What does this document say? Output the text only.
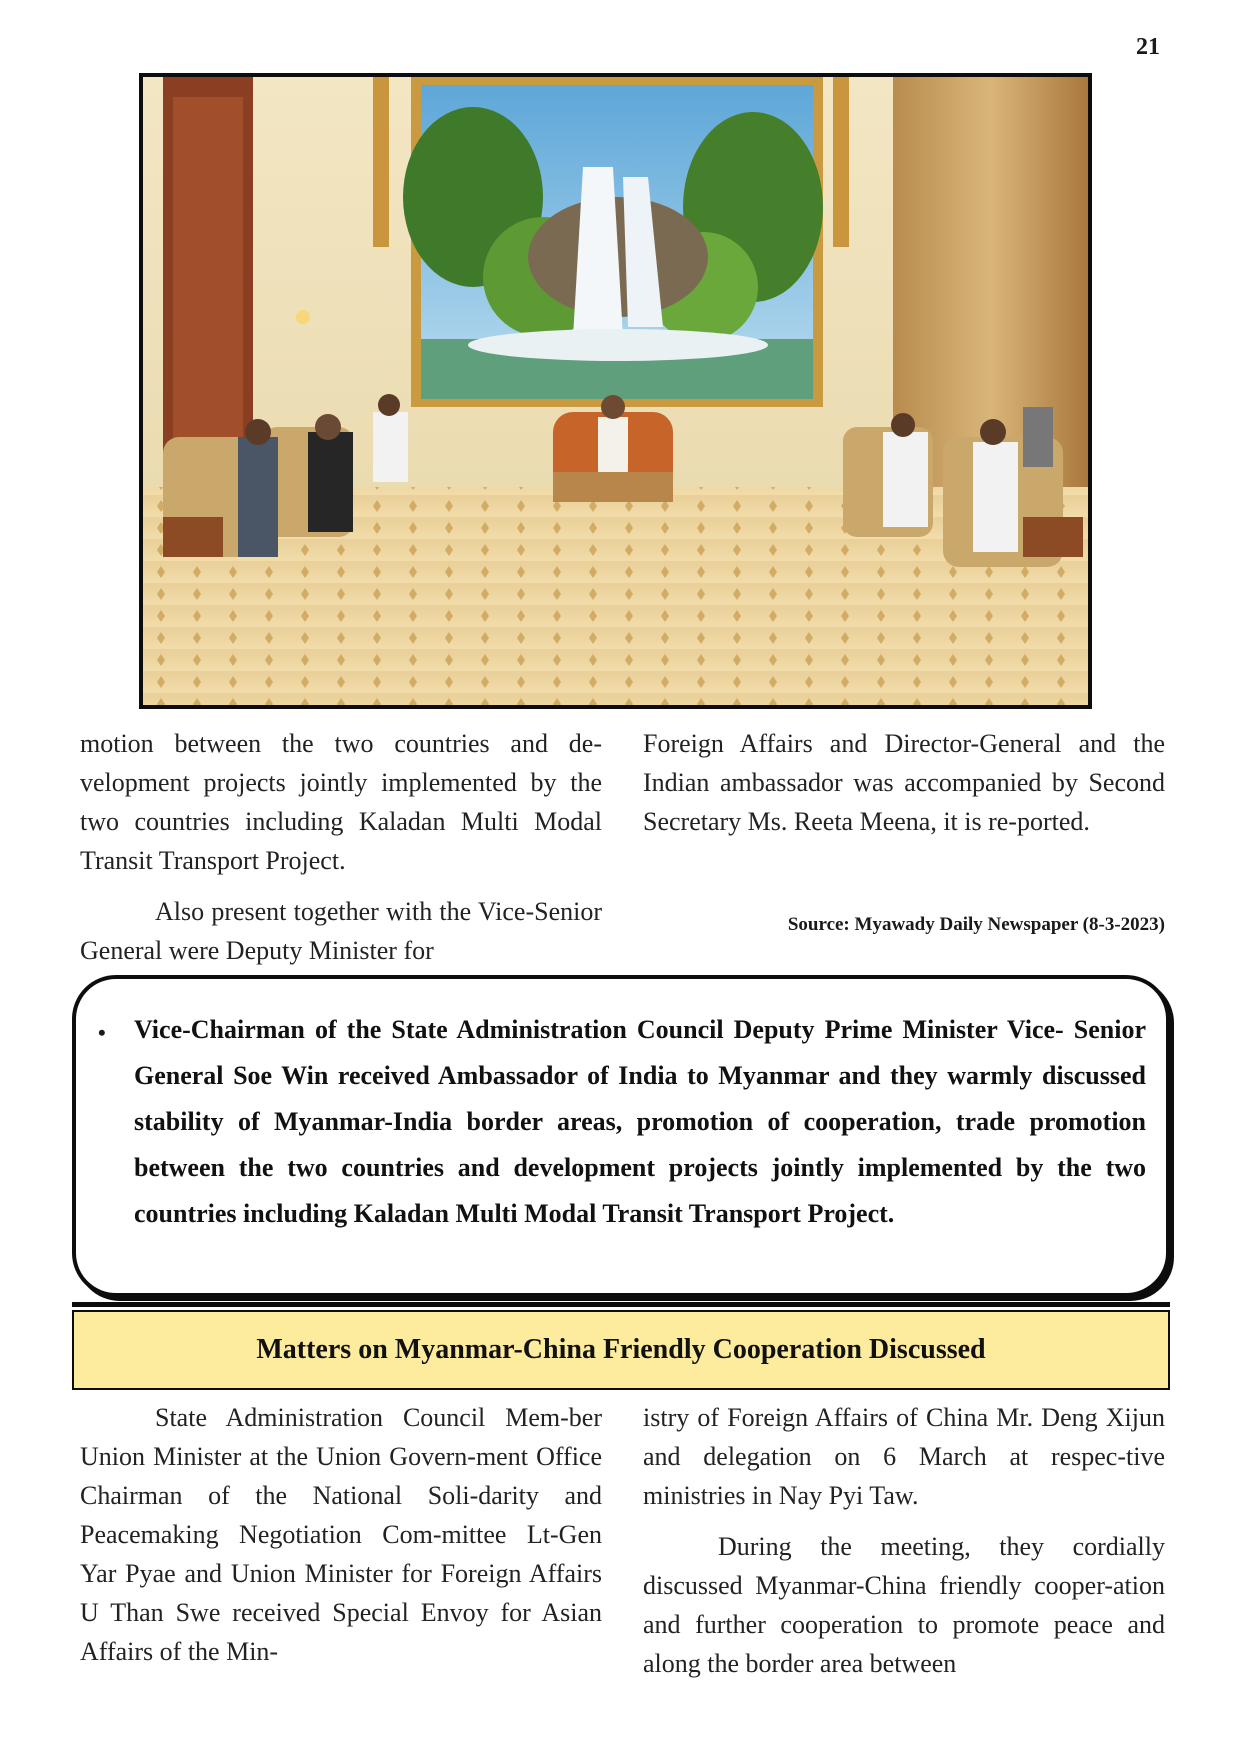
21

motion between the two countries and de-velopment projects jointly implemented by the two countries including Kaladan Multi Modal Transit Transport Project.

Also present together with the Vice-Senior General were Deputy Minister for

Foreign Affairs and Director-General and the Indian ambassador was accompanied by Second Secretary Ms. Reeta Meena, it is re-ported.

Source: Myawady Daily Newspaper (8-3-2023)
• Vice-Chairman of the State Administration Council Deputy Prime Minister Vice- Senior General Soe Win received Ambassador of India to Myanmar and they warmly discussed stability of Myanmar-India border areas, promotion of cooperation, trade promotion between the two countries and development projects jointly implemented by the two countries including Kaladan Multi Modal Transit Transport Project.
Matters on Myanmar-China Friendly Cooperation Discussed

State Administration Council Mem-ber Union Minister at the Union Govern-ment Office Chairman of the National Soli-darity and Peacemaking Negotiation Com-mittee Lt-Gen Yar Pyae and Union Minister for Foreign Affairs U Than Swe received Special Envoy for Asian Affairs of the Min-

istry of Foreign Affairs of China Mr. Deng Xijun and delegation on 6 March at respec-tive ministries in Nay Pyi Taw.

During the meeting, they cordially discussed Myanmar-China friendly cooper-ation and further cooperation to promote peace and along the border area between
